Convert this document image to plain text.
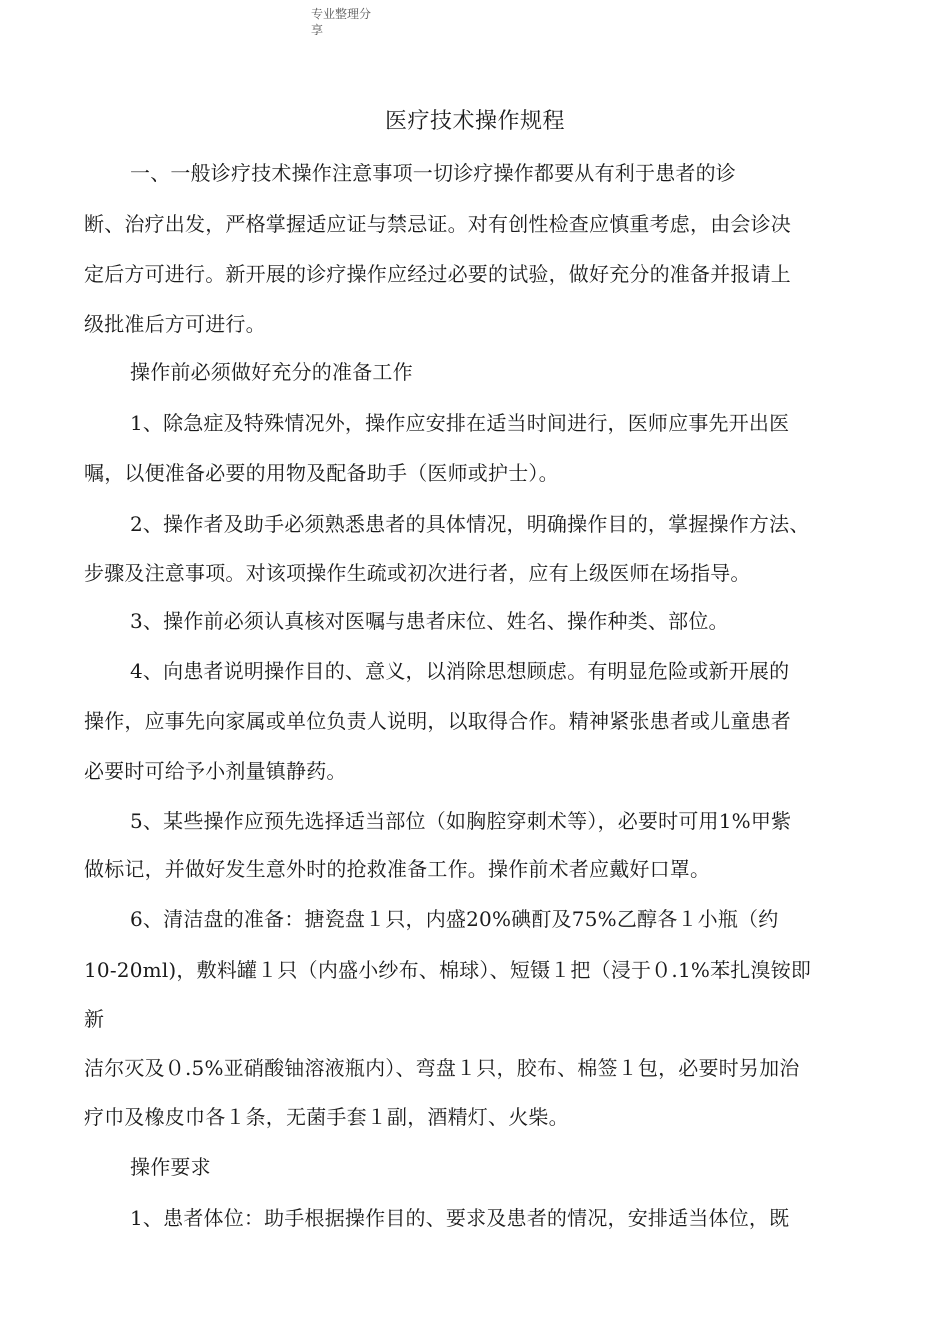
专业整理分享
医疗技术操作规程
一、一般诊疗技术操作注意事项一切诊疗操作都要从有利于患者的诊
断、治疗出发，严格掌握适应证与禁忌证。对有创性检查应慎重考虑，由会诊决
定后方可进行。新开展的诊疗操作应经过必要的试验，做好充分的准备并报请上
级批准后方可进行。
操作前必须做好充分的准备工作
1、除急症及特殊情况外，操作应安排在适当时间进行，医师应事先开出医
嘱，以便准备必要的用物及配备助手（医师或护士）。
2、操作者及助手必须熟悉患者的具体情况，明确操作目的，掌握操作方法、
步骤及注意事项。对该项操作生疏或初次进行者，应有上级医师在场指导。
3、操作前必须认真核对医嘱与患者床位、姓名、操作种类、部位。
4、向患者说明操作目的、意义，以消除思想顾虑。有明显危险或新开展的
操作，应事先向家属或单位负责人说明，以取得合作。精神紧张患者或儿童患者
必要时可给予小剂量镇静药。
5、某些操作应预先选择适当部位（如胸腔穿刺术等），必要时可用1%甲紫
做标记，并做好发生意外时的抢救准备工作。操作前术者应戴好口罩。
6、清洁盘的准备：搪瓷盘１只，内盛20%碘酊及75%乙醇各１小瓶（约
10-20ml)，敷料罐１只（内盛小纱布、棉球）、短镊１把（浸于０.1%苯扎溴铵即
新
洁尔灭及０.5%亚硝酸铀溶液瓶内）、弯盘１只，胶布、棉签１包，必要时另加治
疗巾及橡皮巾各１条，无菌手套１副，酒精灯、火柴。
操作要求
1、患者体位：助手根据操作目的、要求及患者的情况，安排适当体位，既
